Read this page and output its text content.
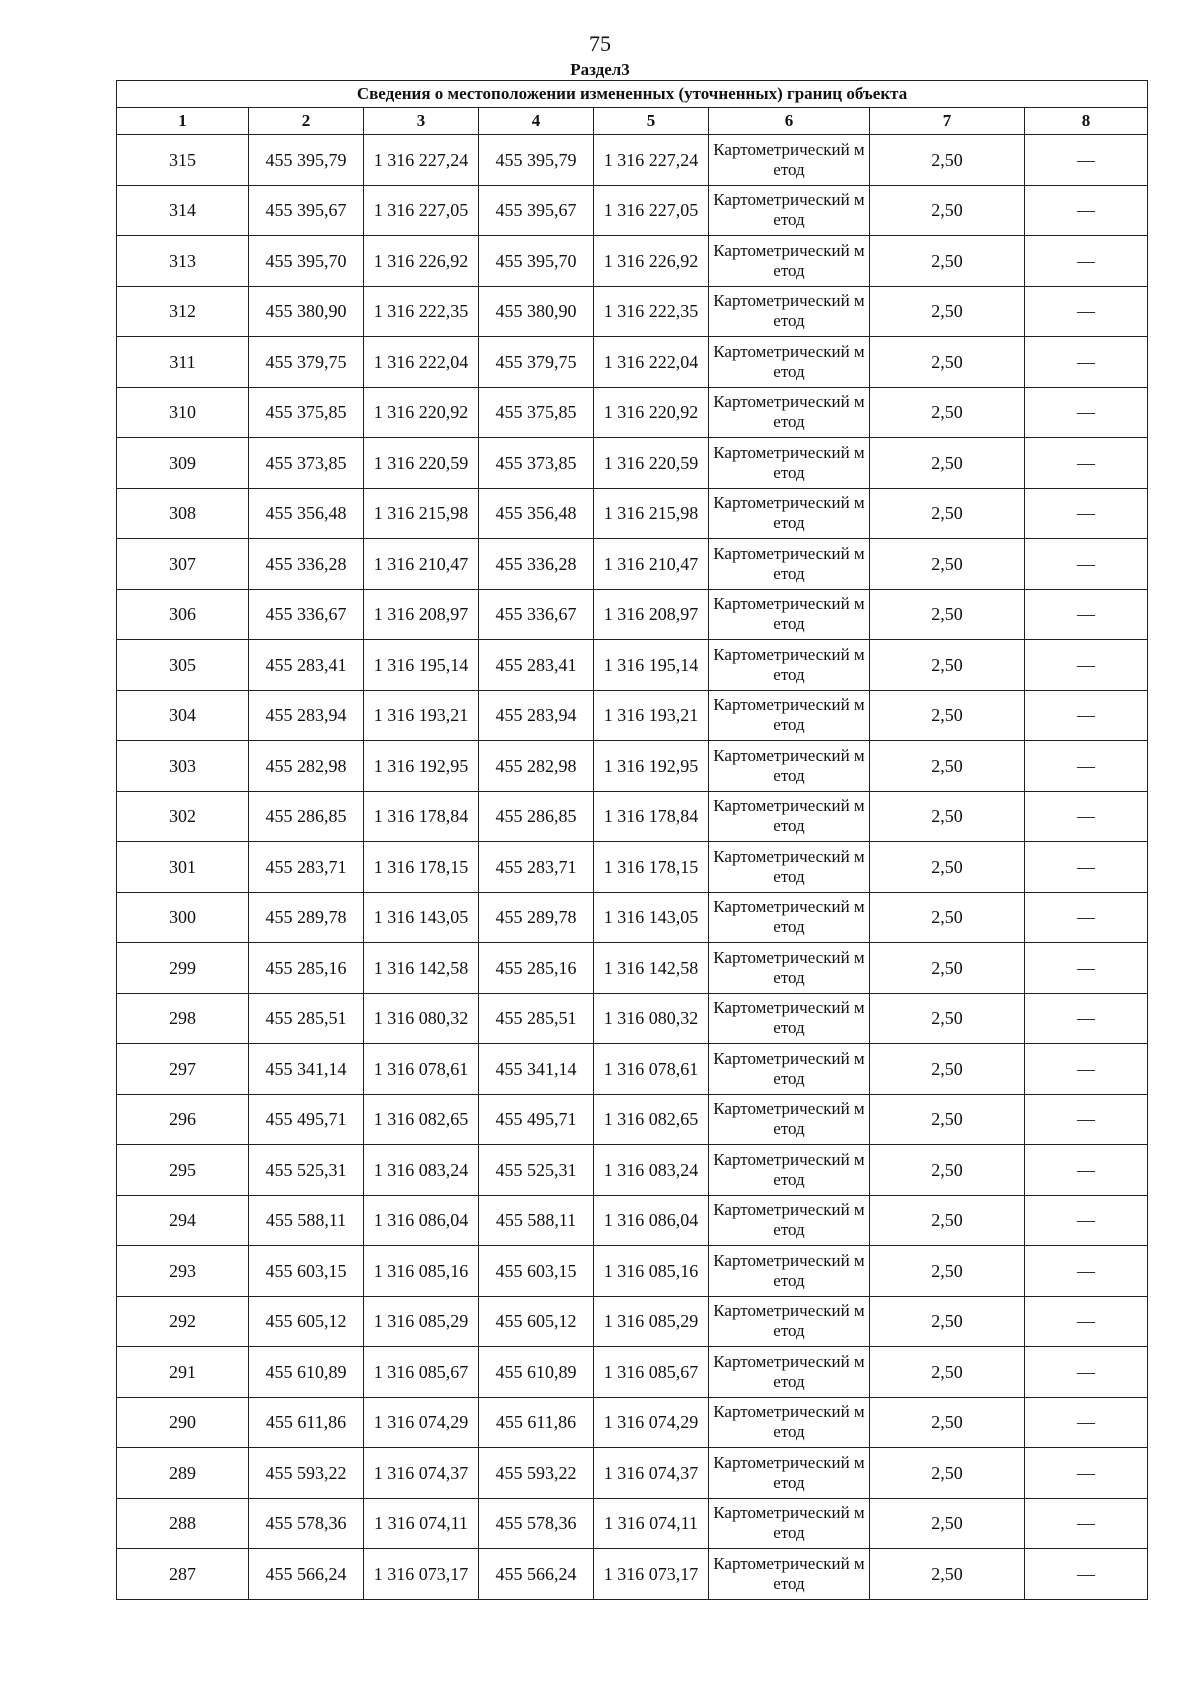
75
Раздел3
Сведения о местоположении измененных (уточненных) границ объекта							
1	2	3	4	5	6	7	8
315	455 395,79	1 316 227,24	455 395,79	1 316 227,24	Картометрический метод	2,50	—
314	455 395,67	1 316 227,05	455 395,67	1 316 227,05	Картометрический метод	2,50	—
313	455 395,70	1 316 226,92	455 395,70	1 316 226,92	Картометрический метод	2,50	—
312	455 380,90	1 316 222,35	455 380,90	1 316 222,35	Картометрический метод	2,50	—
311	455 379,75	1 316 222,04	455 379,75	1 316 222,04	Картометрический метод	2,50	—
310	455 375,85	1 316 220,92	455 375,85	1 316 220,92	Картометрический метод	2,50	—
309	455 373,85	1 316 220,59	455 373,85	1 316 220,59	Картометрический метод	2,50	—
308	455 356,48	1 316 215,98	455 356,48	1 316 215,98	Картометрический метод	2,50	—
307	455 336,28	1 316 210,47	455 336,28	1 316 210,47	Картометрический метод	2,50	—
306	455 336,67	1 316 208,97	455 336,67	1 316 208,97	Картометрический метод	2,50	—
305	455 283,41	1 316 195,14	455 283,41	1 316 195,14	Картометрический метод	2,50	—
304	455 283,94	1 316 193,21	455 283,94	1 316 193,21	Картометрический метод	2,50	—
303	455 282,98	1 316 192,95	455 282,98	1 316 192,95	Картометрический метод	2,50	—
302	455 286,85	1 316 178,84	455 286,85	1 316 178,84	Картометрический метод	2,50	—
301	455 283,71	1 316 178,15	455 283,71	1 316 178,15	Картометрический метод	2,50	—
300	455 289,78	1 316 143,05	455 289,78	1 316 143,05	Картометрический метод	2,50	—
299	455 285,16	1 316 142,58	455 285,16	1 316 142,58	Картометрический метод	2,50	—
298	455 285,51	1 316 080,32	455 285,51	1 316 080,32	Картометрический метод	2,50	—
297	455 341,14	1 316 078,61	455 341,14	1 316 078,61	Картометрический метод	2,50	—
296	455 495,71	1 316 082,65	455 495,71	1 316 082,65	Картометрический метод	2,50	—
295	455 525,31	1 316 083,24	455 525,31	1 316 083,24	Картометрический метод	2,50	—
294	455 588,11	1 316 086,04	455 588,11	1 316 086,04	Картометрический метод	2,50	—
293	455 603,15	1 316 085,16	455 603,15	1 316 085,16	Картометрический метод	2,50	—
292	455 605,12	1 316 085,29	455 605,12	1 316 085,29	Картометрический метод	2,50	—
291	455 610,89	1 316 085,67	455 610,89	1 316 085,67	Картометрический метод	2,50	—
290	455 611,86	1 316 074,29	455 611,86	1 316 074,29	Картометрический метод	2,50	—
289	455 593,22	1 316 074,37	455 593,22	1 316 074,37	Картометрический метод	2,50	—
288	455 578,36	1 316 074,11	455 578,36	1 316 074,11	Картометрический метод	2,50	—
287	455 566,24	1 316 073,17	455 566,24	1 316 073,17	Картометрический метод	2,50	—
